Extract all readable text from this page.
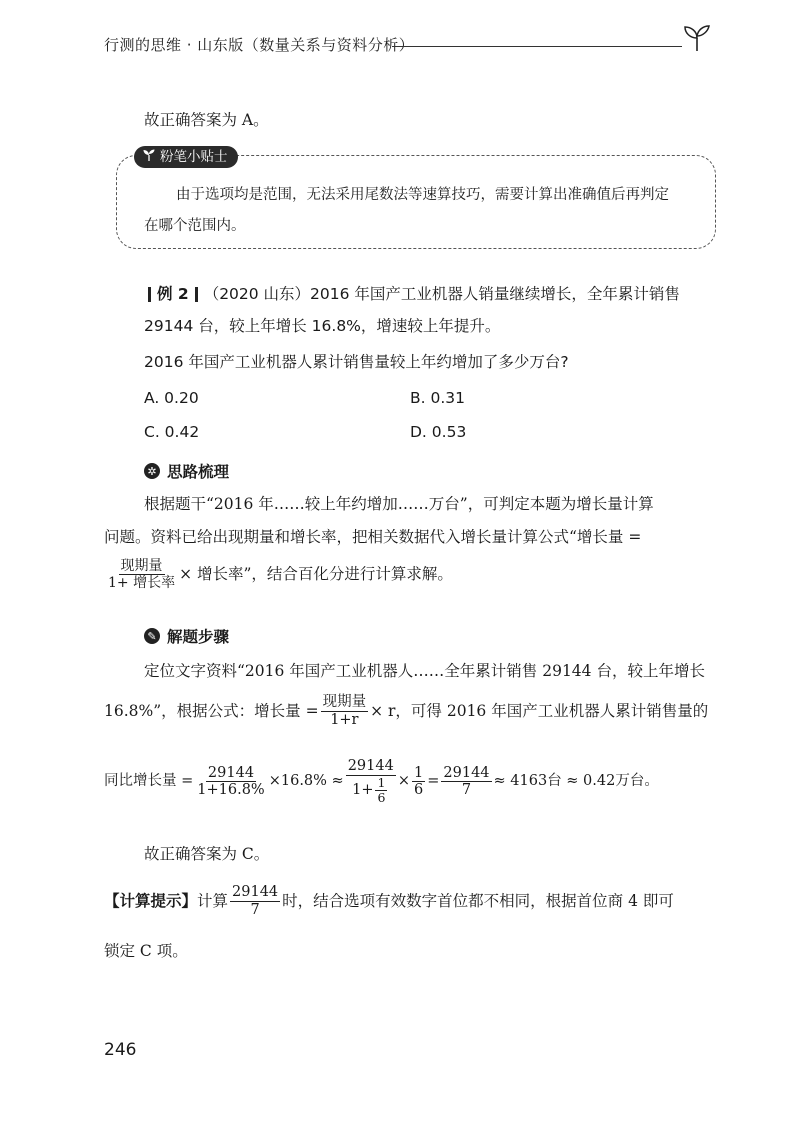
行测的思维 · 山东版（数量关系与资料分析）
故正确答案为 A。
粉笔小贴士
由于选项均是范围，无法采用尾数法等速算技巧，需要计算出准确值后再判定
在哪个范围内。
例 2 （2020 山东）2016 年国产工业机器人销量继续增长，全年累计销售
29144 台，较上年增长 16.8%，增速较上年提升。
2016 年国产工业机器人累计销售量较上年约增加了多少万台?
A. 0.20	B. 0.31
C. 0.42	D. 0.53
✲ 思路梳理
根据题干“2016 年……较上年约增加……万台”，可判定本题为增长量计算
问题。资料已给出现期量和增长率，把相关数据代入增长量计算公式“增长量 =
$\frac{\text{现期量}}{\text{1+ 增长率}}$ × 增长率”，结合百化分进行计算求解。
✎ 解题步骤
定位文字资料“2016 年国产工业机器人……全年累计销售 29144 台，较上年增长
16.8%”，根据公式：增长量 = $\frac{\text{现期量}}{1+r} \times r$，可得 2016 年国产工业机器人累计销售量的
同比增长量 = $\frac{29144}{1+16.8\%} \times 16.8\% \approx \frac{29144}{1+ \frac{1}{6}} \times \frac{1}{6} = \frac{29144}{7} \approx 4163$台 ≈ 0.42万台。
故正确答案为 C。
【计算提示】 计算 $\frac{29144}{7}$ 时，结合选项有效数字首位都不相同，根据首位商 4 即可
锁定 C 项。
246
